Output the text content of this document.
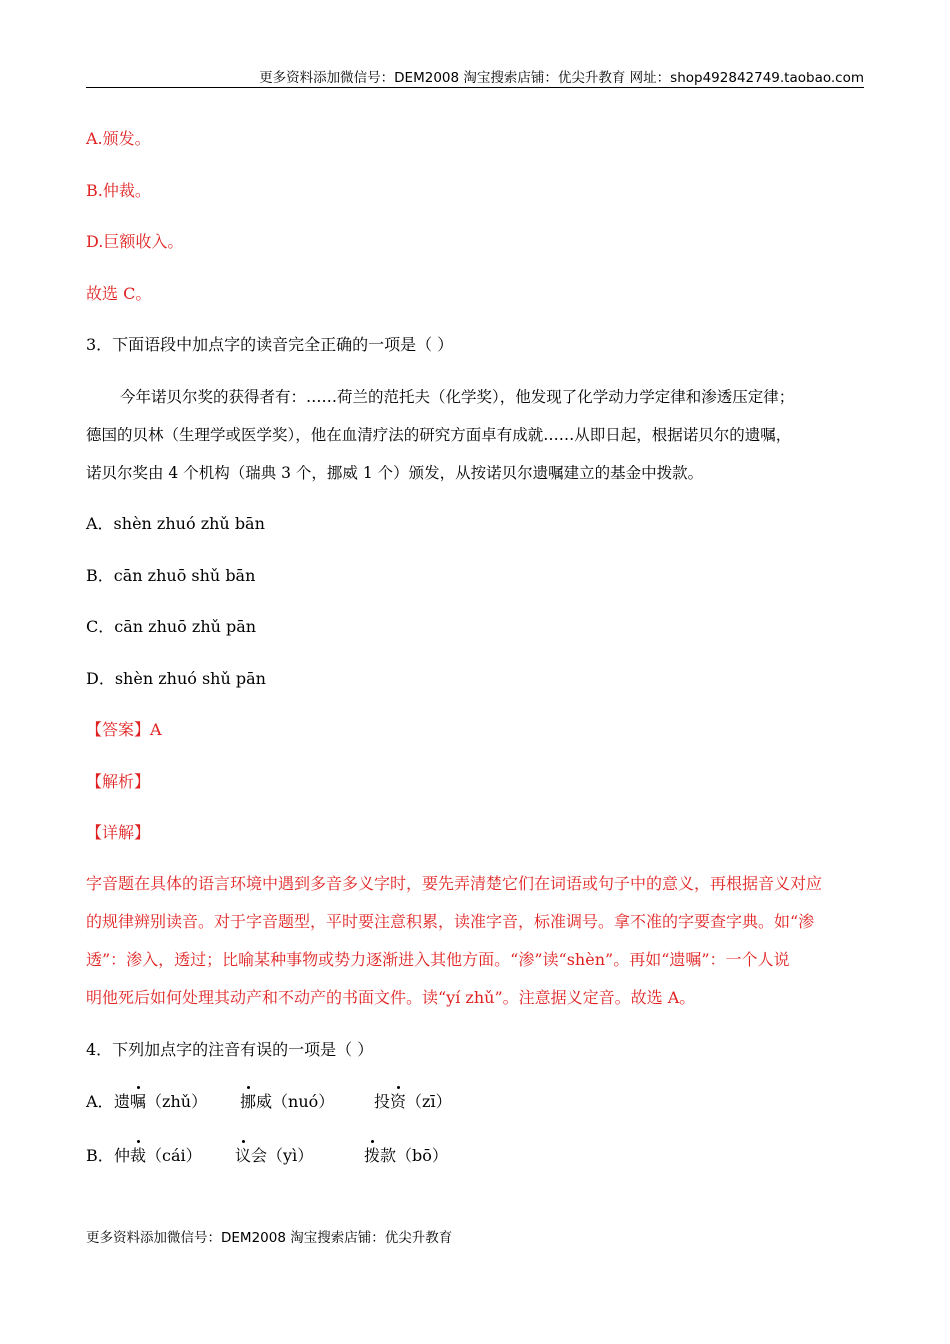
更多资料添加微信号：DEM2008 淘宝搜索店铺：优尖升教育 网址：shop492842749.taobao.com
A.颁发。
B.仲裁。
D.巨额收入。
故选 C。
3．下面语段中加点字的读音完全正确的一项是（ ）
今年诺贝尔奖的获得者有：……荷兰的范托夫（化学奖），他发现了化学动力学定律和渗透压定律；
德国的贝林（生理学或医学奖），他在血清疗法的研究方面卓有成就……从即日起，根据诺贝尔的遗嘱，
诺贝尔奖由 4 个机构（瑞典 3 个，挪威 1 个）颁发，从按诺贝尔遗嘱建立的基金中拨款。
A．shèn zhuó zhǔ bān
B．cān zhuō shǔ bān
C．cān zhuō zhǔ pān
D．shèn zhuó shǔ pān
【答案】A
【解析】
【详解】
字音题在具体的语言环境中遇到多音多义字时，要先弄清楚它们在词语或句子中的意义，再根据音义对应
的规律辨别读音。对于字音题型，平时要注意积累，读准字音，标准调号。拿不准的字要查字典。如“渗
透”：渗入，透过；比喻某种事物或势力逐渐进入其他方面。“渗”读“shèn”。再如“遗嘱”：一个人说
明他死后如何处理其动产和不动产的书面文件。读“yí zhǔ”。注意据义定音。故选 A。
4．下列加点字的注音有误的一项是（ ）
A． 遗嘱（zhǔ） 挪威（nuó） 投资（zī）
B． 仲裁（cái） 议会（yì）	拨款（bō）
更多资料添加微信号：DEM2008 淘宝搜索店铺：优尖升教育
